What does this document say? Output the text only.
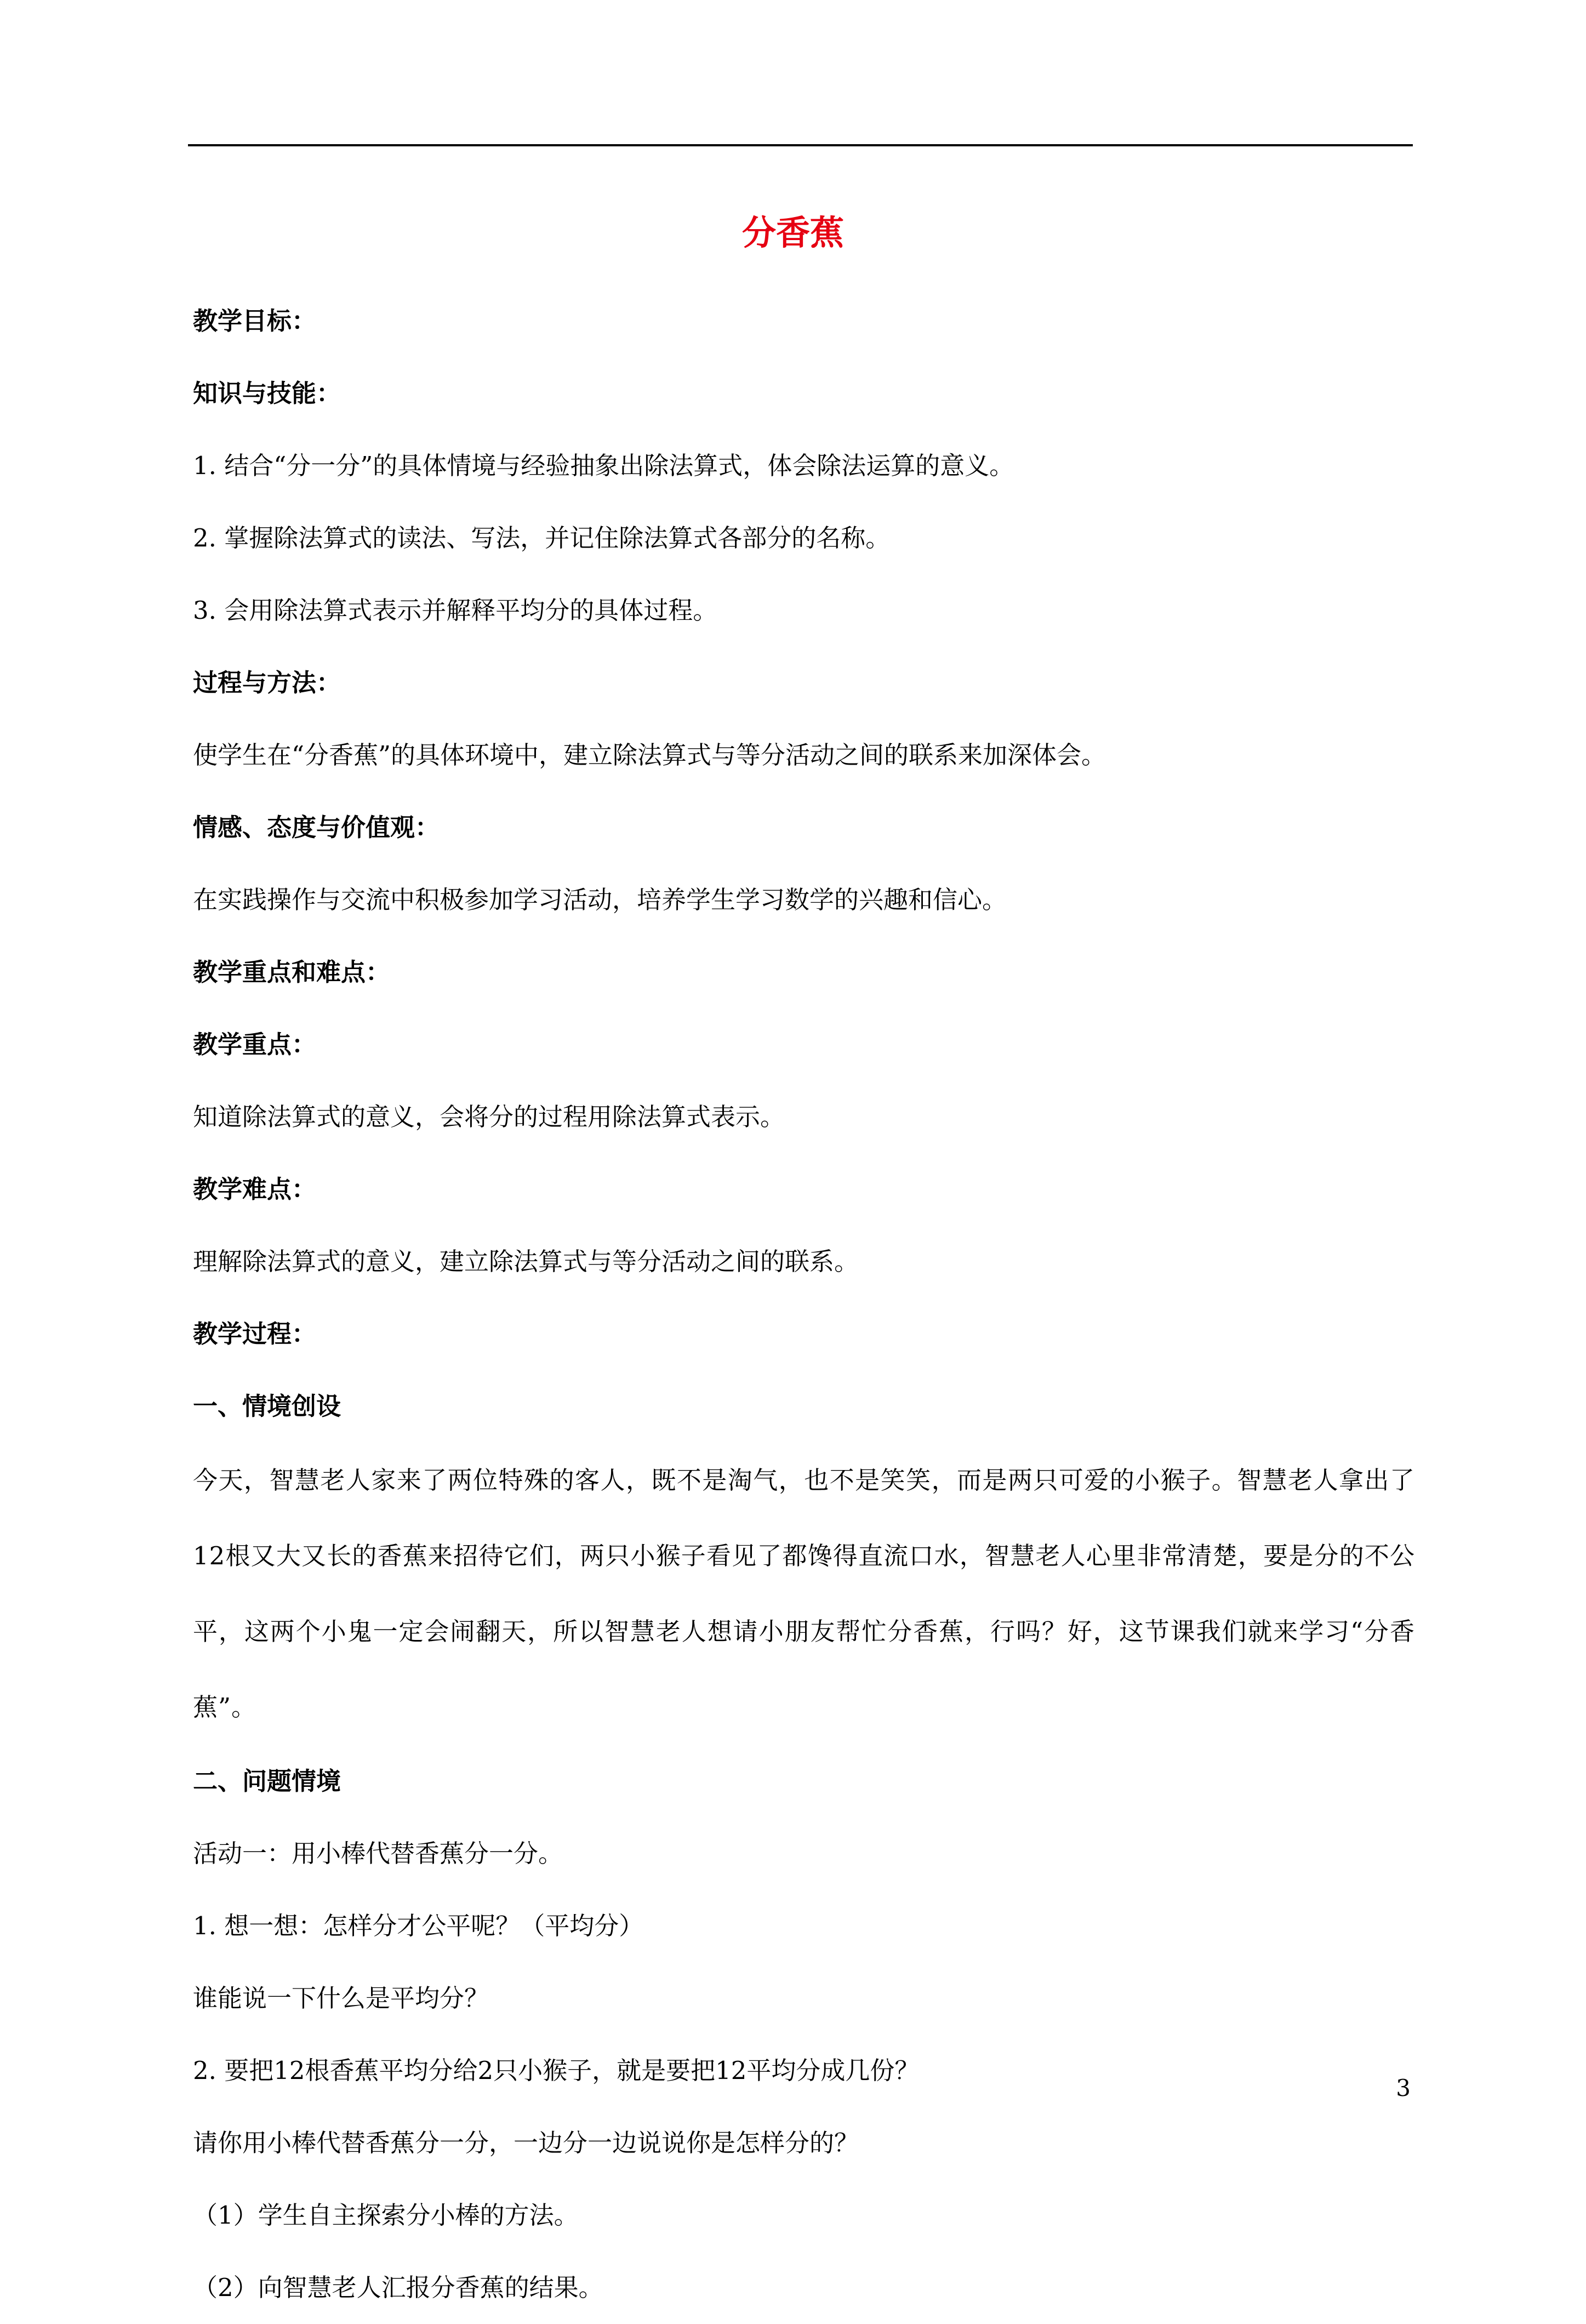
分香蕉
教学目标：
知识与技能：
1. 结合“分一分”的具体情境与经验抽象出除法算式，体会除法运算的意义。
2. 掌握除法算式的读法、写法，并记住除法算式各部分的名称。
3. 会用除法算式表示并解释平均分的具体过程。
过程与方法：
使学生在“分香蕉”的具体环境中，建立除法算式与等分活动之间的联系来加深体会。
情感、态度与价值观：
在实践操作与交流中积极参加学习活动，培养学生学习数学的兴趣和信心。
教学重点和难点：
教学重点：
知道除法算式的意义，会将分的过程用除法算式表示。
教学难点：
理解除法算式的意义，建立除法算式与等分活动之间的联系。
教学过程：
一、情境创设
今天，智慧老人家来了两位特殊的客人，既不是淘气，也不是笑笑，而是两只可爱的小猴子。智慧老人拿出了12根又大又长的香蕉来招待它们，两只小猴子看见了都馋得直流口水，智慧老人心里非常清楚，要是分的不公平，这两个小鬼一定会闹翻天，所以智慧老人想请小朋友帮忙分香蕉，行吗？好，这节课我们就来学习“分香蕉”。
二、问题情境
活动一：用小棒代替香蕉分一分。
1. 想一想：怎样分才公平呢？（平均分）
谁能说一下什么是平均分？
2. 要把12根香蕉平均分给2只小猴子，就是要把12平均分成几份？
请你用小棒代替香蕉分一分，一边分一边说说你是怎样分的？
（1）学生自主探索分小棒的方法。
（2）向智慧老人汇报分香蕉的结果。
3
